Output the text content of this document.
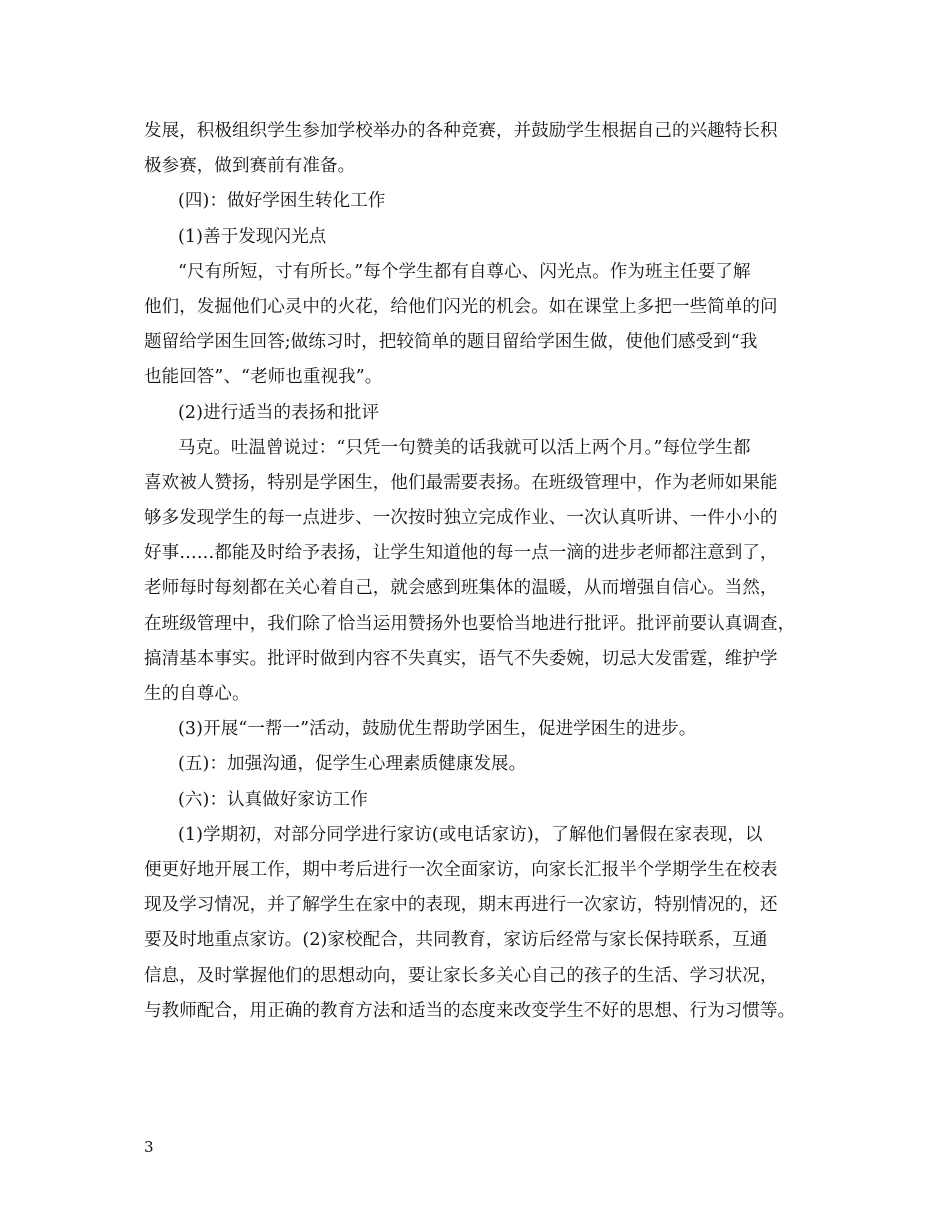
发展，积极组织学生参加学校举办的各种竞赛，并鼓励学生根据自己的兴趣特长积
极参赛，做到赛前有准备。
(四)：做好学困生转化工作
(1)善于发现闪光点
“尺有所短，寸有所长。”每个学生都有自尊心、闪光点。作为班主任要了解
他们，发掘他们心灵中的火花，给他们闪光的机会。如在课堂上多把一些简单的问
题留给学困生回答;做练习时，把较简单的题目留给学困生做，使他们感受到“我
也能回答”、“老师也重视我”。
(2)进行适当的表扬和批评
马克。吐温曾说过：“只凭一句赞美的话我就可以活上两个月。”每位学生都
喜欢被人赞扬，特别是学困生，他们最需要表扬。在班级管理中，作为老师如果能
够多发现学生的每一点进步、一次按时独立完成作业、一次认真听讲、一件小小的
好事……都能及时给予表扬，让学生知道他的每一点一滴的进步老师都注意到了，
老师每时每刻都在关心着自己，就会感到班集体的温暖，从而增强自信心。当然，
在班级管理中，我们除了恰当运用赞扬外也要恰当地进行批评。批评前要认真调查，
搞清基本事实。批评时做到内容不失真实，语气不失委婉，切忌大发雷霆，维护学
生的自尊心。
(3)开展“一帮一”活动，鼓励优生帮助学困生，促进学困生的进步。
(五)：加强沟通，促学生心理素质健康发展。
(六)：认真做好家访工作
(1)学期初，对部分同学进行家访(或电话家访)，了解他们暑假在家表现，以
便更好地开展工作，期中考后进行一次全面家访，向家长汇报半个学期学生在校表
现及学习情况，并了解学生在家中的表现，期末再进行一次家访，特别情况的，还
要及时地重点家访。(2)家校配合，共同教育，家访后经常与家长保持联系，互通
信息，及时掌握他们的思想动向，要让家长多关心自己的孩子的生活、学习状况，
与教师配合，用正确的教育方法和适当的态度来改变学生不好的思想、行为习惯等。
3
